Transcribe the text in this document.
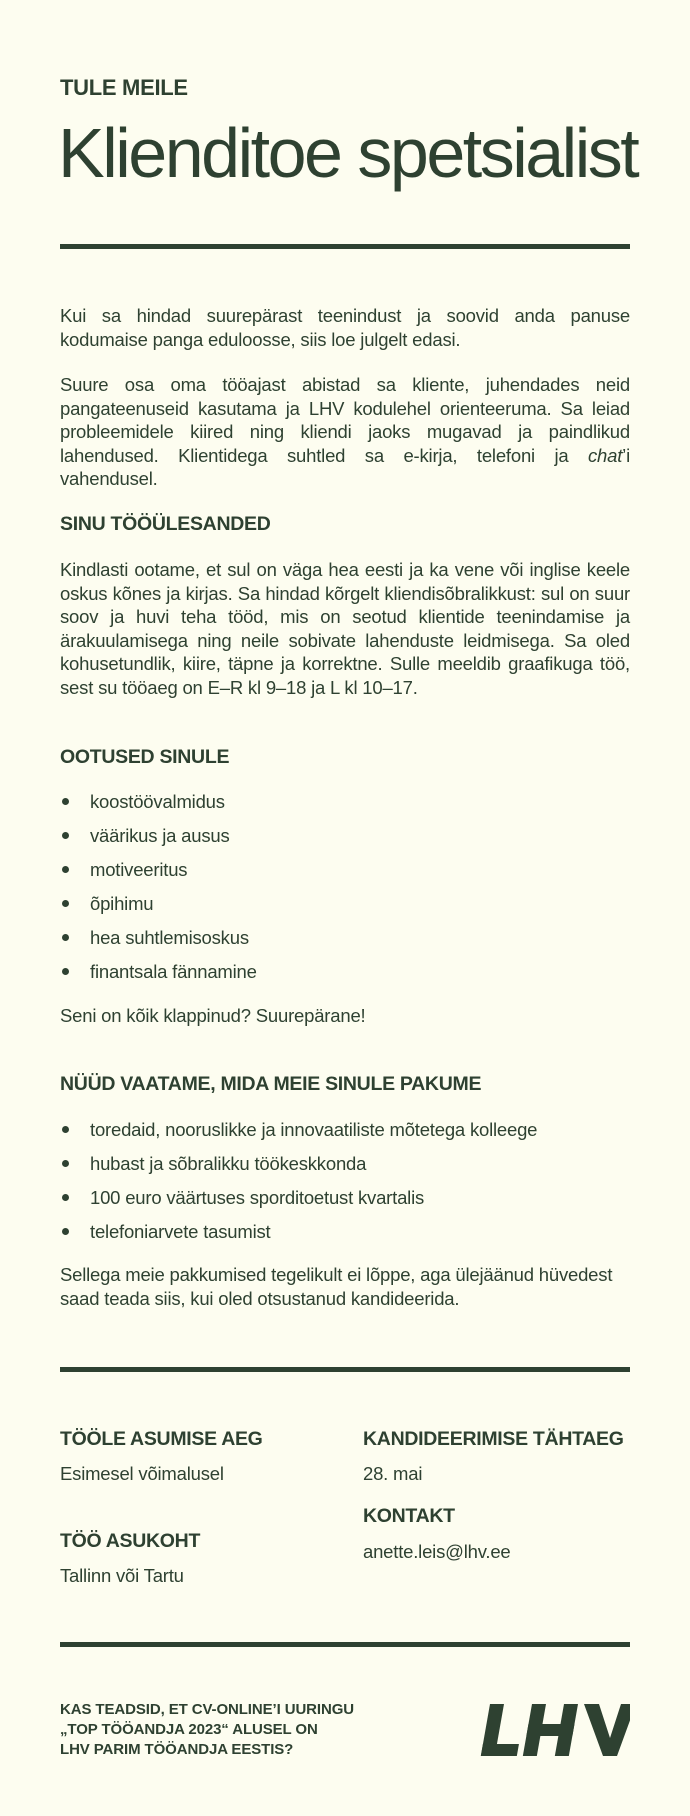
TULE MEILE
Klienditoe spetsialist
Kui sa hindad suurepärast teenindust ja soovid anda panuse kodumaise panga eduloosse, siis loe julgelt edasi.
Suure osa oma tööajast abistad sa kliente, juhendades neid pangateenuseid kasutama ja LHV kodulehel orienteeruma. Sa leiad probleemidele kiired ning kliendi jaoks mugavad ja paindlikud lahendused. Klientidega suhtled sa e-kirja, telefoni ja chat’i vahendusel.
SINU TÖÖÜLESANDED
Kindlasti ootame, et sul on väga hea eesti ja ka vene või inglise keele oskus kõnes ja kirjas. Sa hindad kõrgelt kliendisõbralikkust: sul on suur soov ja huvi teha tööd, mis on seotud klientide teenindamise ja ärakuulamisega ning neile sobivate lahenduste leidmisega. Sa oled kohusetundlik, kiire, täpne ja korrektne. Sulle meeldib graafikuga töö, sest su tööaeg on E–R kl 9–18 ja L kl 10–17.
OOTUSED SINULE
koostöövalmidus
väärikus ja ausus
motiveeritus
õpihimu
hea suhtlemisoskus
finantsala fännamine
Seni on kõik klappinud? Suurepärane!
NÜÜD VAATAME, MIDA MEIE SINULE PAKUME
toredaid, nooruslikke ja innovaatiliste mõtetega kolleege
hubast ja sõbralikku töökeskkonda
100 euro väärtuses sporditoetust kvartalis
telefoniarvete tasumist
Sellega meie pakkumised tegelikult ei lõppe, aga ülejäänud hüvedest saad teada siis, kui oled otsustanud kandideerida.
TÖÖLE ASUMISE AEG
Esimesel võimalusel
TÖÖ ASUKOHT
Tallinn või Tartu
KANDIDEERIMISE TÄHTAEG
28. mai
KONTAKT
anette.leis@lhv.ee
KAS TEADSID, ET CV-ONLINE’I UURINGU
„TOP TÖÖANDJA 2023“ ALUSEL ON
LHV PARIM TÖÖANDJA EESTIS?
